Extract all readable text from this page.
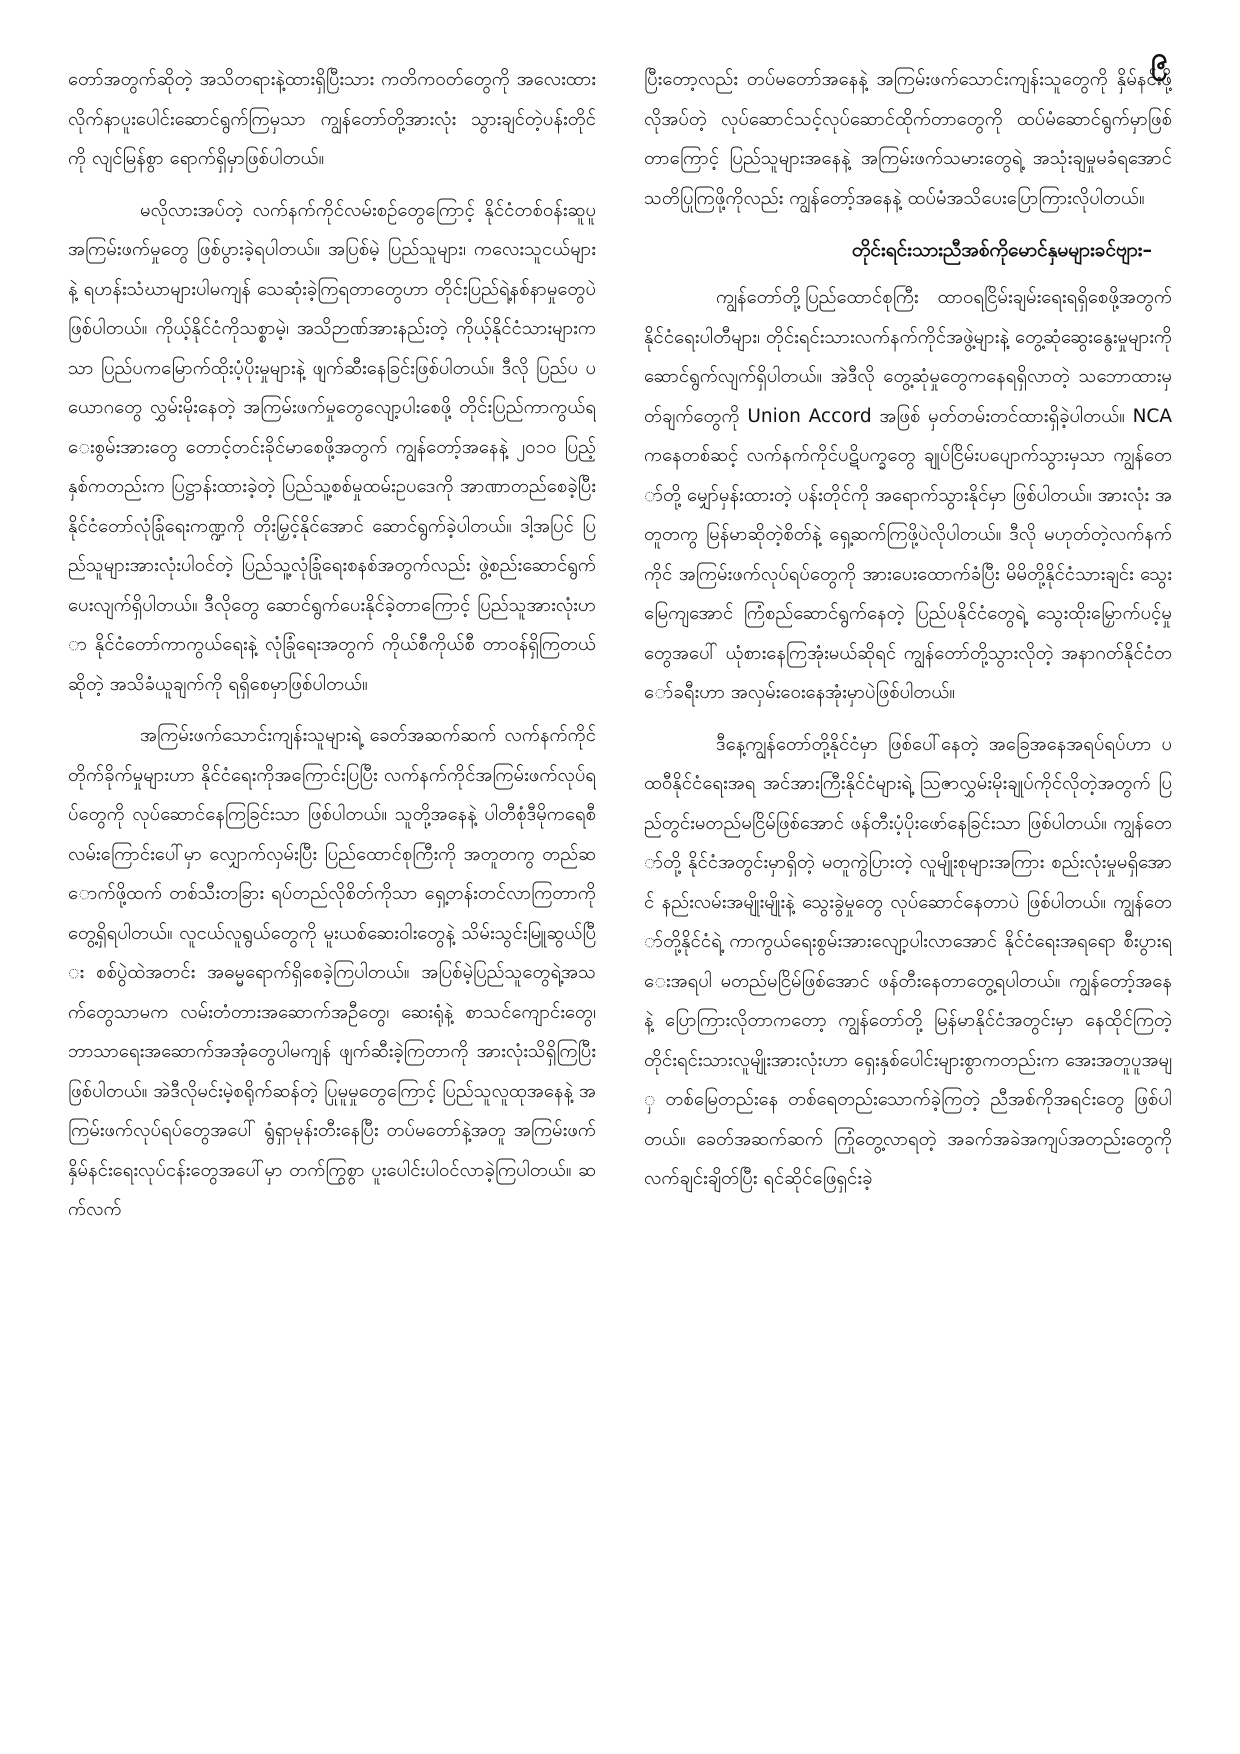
၉

တော်အတွက်ဆိုတဲ့ အသိတရားနဲ့ထားရှိပြီးသား ကတိကဝတ်တွေကို အလေးထားလိုက်နာပူးပေါင်းဆောင်ရွက်ကြမှသာ ကျွန်တော်တို့အားလုံး သွားချင်တဲ့ပန်းတိုင်ကို လျင်မြန်စွာ ရောက်ရှိမှာဖြစ်ပါတယ်။

မလိုလားအပ်တဲ့ လက်နက်ကိုင်လမ်းစဉ်တွေကြောင့် နိုင်ငံတစ်ဝန်းဆူပူအကြမ်းဖက်မှုတွေ ဖြစ်ပွားခဲ့ရပါတယ်။ အပြစ်မဲ့ ပြည်သူများ၊ ကလေးသူငယ်များနဲ့ ရဟန်းသံဃာများပါမကျန် သေဆုံးခဲ့ကြရတာတွေဟာ တိုင်းပြည်ရဲ့နစ်နာမှုတွေပဲဖြစ်ပါတယ်။ ကိုယ့်နိုင်ငံကိုသစ္စာမဲ့၊ အသိဉာဏ်အားနည်းတဲ့ ကိုယ့်နိုင်ငံသားများကသာ ပြည်ပကမြောက်ထိုးပံ့ပိုးမှုများနဲ့ ဖျက်ဆီးနေခြင်းဖြစ်ပါတယ်။ ဒီလို ပြည်ပ ပယောဂတွေ လွှမ်းမိုးနေတဲ့ အကြမ်းဖက်မှုတွေလျော့ပါးစေဖို့ တိုင်းပြည်ကာကွယ်ရေးစွမ်းအားတွေ တောင့်တင်းခိုင်မာစေဖို့အတွက် ကျွန်တော့်အနေနဲ့ ၂၀၁၀ ပြည့်နှစ်ကတည်းက ပြဋ္ဌာန်းထားခဲ့တဲ့ ပြည်သူ့စစ်မှုထမ်းဥပဒေကို အာဏာတည်စေခဲ့ပြီး နိုင်ငံတော်လုံခြုံရေးကဏ္ဍကို တိုးမြှင့်နိုင်အောင် ဆောင်ရွက်ခဲ့ပါတယ်။ ဒါ့အပြင် ပြည်သူများအားလုံးပါဝင်တဲ့ ပြည်သူ့လုံခြုံရေးစနစ်အတွက်လည်း ဖွဲ့စည်းဆောင်ရွက်ပေးလျက်ရှိပါတယ်။ ဒီလိုတွေ ဆောင်ရွက်ပေးနိုင်ခဲ့တာကြောင့် ပြည်သူအားလုံးဟာ နိုင်ငံတော်ကာကွယ်ရေးနဲ့ လုံခြုံရေးအတွက် ကိုယ်စီကိုယ်စီ တာဝန်ရှိကြတယ်ဆိုတဲ့ အသိခံယူချက်ကို ရရှိစေမှာဖြစ်ပါတယ်။

အကြမ်းဖက်သောင်းကျန်းသူများရဲ့ ခေတ်အဆက်ဆက် လက်နက်ကိုင်တိုက်ခိုက်မှုများဟာ နိုင်ငံရေးကိုအကြောင်းပြပြီး လက်နက်ကိုင်အကြမ်းဖက်လုပ်ရပ်တွေကို လုပ်ဆောင်နေကြခြင်းသာ ဖြစ်ပါတယ်။ သူတို့အနေနဲ့ ပါတီစုံဒီမိုကရေစီလမ်းကြောင်းပေါ်မှာ လျှောက်လှမ်းပြီး ပြည်ထောင်စုကြီးကို အတူတကွ တည်ဆောက်ဖို့ထက် တစ်သီးတခြား ရပ်တည်လိုစိတ်ကိုသာ ရှေ့တန်းတင်လာကြတာကို တွေ့ရှိရပါတယ်။ လူငယ်လူရွယ်တွေကို မူးယစ်ဆေးဝါးတွေနဲ့ သိမ်းသွင်းမြူဆွယ်ပြီး စစ်ပွဲထဲအတင်း အဓမ္မရောက်ရှိစေခဲ့ကြပါတယ်။ အပြစ်မဲ့ပြည်သူတွေရဲ့အသက်တွေသာမက လမ်းတံတားအဆောက်အဦတွေ၊ ဆေးရုံနဲ့ စာသင်ကျောင်းတွေ၊ ဘာသာရေးအဆောက်အအုံတွေပါမကျန် ဖျက်ဆီးခဲ့ကြတာကို အားလုံးသိရှိကြပြီးဖြစ်ပါတယ်။ အဲဒီလိုမင်းမဲ့စရိုက်ဆန်တဲ့ ပြုမူမှုတွေကြောင့် ပြည်သူလူထုအနေနဲ့ အကြမ်းဖက်လုပ်ရပ်တွေအပေါ် ရွံရှာမုန်းတီးနေပြီး တပ်မတော်နဲ့အတူ အကြမ်းဖက်နှိမ်နင်းရေးလုပ်ငန်းတွေအပေါ်မှာ တက်ကြွစွာ ပူးပေါင်းပါဝင်လာခဲ့ကြပါတယ်။ ဆက်လက်

ပြီးတော့လည်း တပ်မတော်အနေနဲ့ အကြမ်းဖက်သောင်းကျန်းသူတွေကို နှိမ်နင်းဖို့လိုအပ်တဲ့ လုပ်ဆောင်သင့်လုပ်ဆောင်ထိုက်တာတွေကို ထပ်မံဆောင်ရွက်မှာဖြစ်တာကြောင့် ပြည်သူများအနေနဲ့ အကြမ်းဖက်သမားတွေရဲ့ အသုံးချမှုမခံရအောင် သတိပြုကြဖို့ကိုလည်း ကျွန်တော့်အနေနဲ့ ထပ်မံအသိပေးပြောကြားလိုပါတယ်။

တိုင်းရင်းသားညီအစ်ကိုမောင်နှမများခင်ဗျား–

ကျွန်တော်တို့ပြည်ထောင်စုကြီး ထာဝရငြိမ်းချမ်းရေးရရှိစေဖို့အတွက် နိုင်ငံရေးပါတီများ၊ တိုင်းရင်းသားလက်နက်ကိုင်အဖွဲ့များနဲ့ တွေ့ဆုံဆွေးနွေးမှုများကို ဆောင်ရွက်လျက်ရှိပါတယ်။ အဲဒီလို တွေ့ဆုံမှုတွေကနေရရှိလာတဲ့ သဘောထားမှတ်ချက်တွေကို Union Accord အဖြစ် မှတ်တမ်းတင်ထားရှိခဲ့ပါတယ်။ NCA ကနေတစ်ဆင့် လက်နက်ကိုင်ပဋိပက္ခတွေ ချုပ်ငြိမ်းပပျောက်သွားမှသာ ကျွန်တော်တို့ မျှော်မှန်းထားတဲ့ ပန်းတိုင်ကို အရောက်သွားနိုင်မှာ ဖြစ်ပါတယ်။ အားလုံး အတူတကွ မြန်မာဆိုတဲ့စိတ်နဲ့ ရှေ့ဆက်ကြဖို့ပဲလိုပါတယ်။ ဒီလို မဟုတ်တဲ့လက်နက်ကိုင် အကြမ်းဖက်လုပ်ရပ်တွေကို အားပေးထောက်ခံပြီး မိမိတို့နိုင်ငံသားချင်း သွေးမြေကျအောင် ကြံစည်ဆောင်ရွက်နေတဲ့ ပြည်ပနိုင်ငံတွေရဲ့ သွေးထိုးမြှောက်ပင့်မှုတွေအပေါ် ယုံစားနေကြအုံးမယ်ဆိုရင် ကျွန်တော်တို့သွားလိုတဲ့ အနာဂတ်နိုင်ငံတော်ခရီးဟာ အလှမ်းဝေးနေအုံးမှာပဲဖြစ်ပါတယ်။

ဒီနေ့ကျွန်တော်တို့နိုင်ငံမှာ ဖြစ်ပေါ်နေတဲ့ အခြေအနေအရပ်ရပ်ဟာ ပထဝီနိုင်ငံရေးအရ အင်အားကြီးနိုင်ငံများရဲ့ ဩဇာလွှမ်းမိုးချုပ်ကိုင်လိုတဲ့အတွက် ပြည်တွင်းမတည်မငြိမ်ဖြစ်အောင် ဖန်တီးပံ့ပိုးဖော်နေခြင်းသာ ဖြစ်ပါတယ်။ ကျွန်တော်တို့ နိုင်ငံအတွင်းမှာရှိတဲ့ မတူကွဲပြားတဲ့ လူမျိုးစုများအကြား စည်းလုံးမှုမရှိအောင် နည်းလမ်းအမျိုးမျိုးနဲ့ သွေးခွဲမှုတွေ လုပ်ဆောင်နေတာပဲ ဖြစ်ပါတယ်။ ကျွန်တော်တို့နိုင်ငံရဲ့ ကာကွယ်ရေးစွမ်းအားလျော့ပါးလာအောင် နိုင်ငံရေးအရရော စီးပွားရေးအရပါ မတည်မငြိမ်ဖြစ်အောင် ဖန်တီးနေတာတွေ့ရပါတယ်။ ကျွန်တော့်အနေနဲ့ ပြောကြားလိုတာကတော့ ကျွန်တော်တို့ မြန်မာနိုင်ငံအတွင်းမှာ နေထိုင်ကြတဲ့ တိုင်းရင်းသားလူမျိုးအားလုံးဟာ ရှေးနှစ်ပေါင်းများစွာကတည်းက အေးအတူပူအမျှ တစ်မြေတည်းနေ တစ်ရေတည်းသောက်ခဲ့ကြတဲ့ ညီအစ်ကိုအရင်းတွေ ဖြစ်ပါတယ်။ ခေတ်အဆက်ဆက် ကြုံတွေ့လာရတဲ့ အခက်အခဲအကျပ်အတည်းတွေကို လက်ချင်းချိတ်ပြီး ရင်ဆိုင်ဖြေရှင်းခဲ့
